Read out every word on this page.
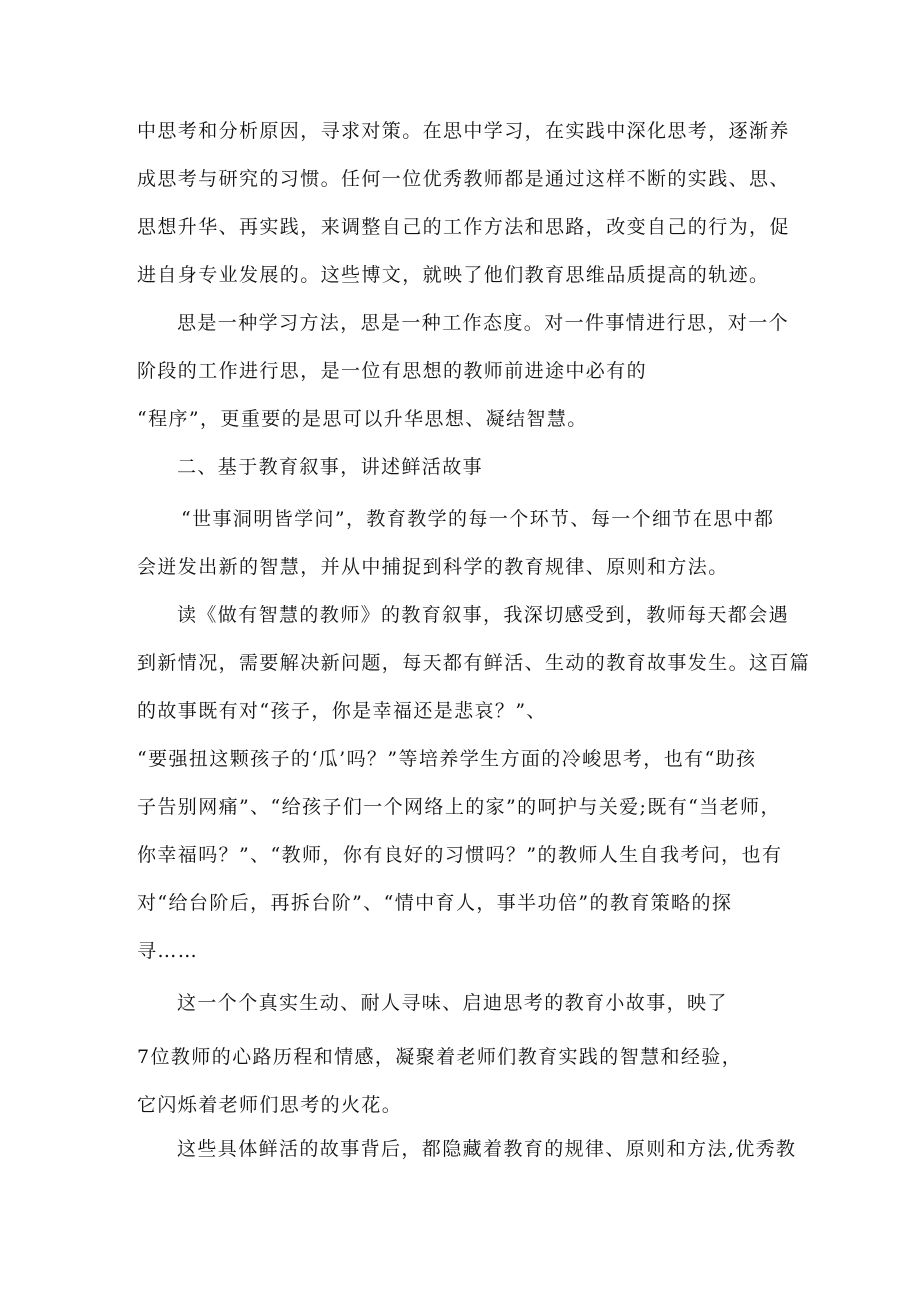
中思考和分析原因，寻求对策。在思中学习，在实践中深化思考，逐渐养
成思考与研究的习惯。任何一位优秀教师都是通过这样不断的实践、思、
思想升华、再实践，来调整自己的工作方法和思路，改变自己的行为，促
进自身专业发展的。这些博文，就映了他们教育思维品质提高的轨迹。
思是一种学习方法，思是一种工作态度。对一件事情进行思，对一个
阶段的工作进行思，是一位有思想的教师前进途中必有的
“程序”，更重要的是思可以升华思想、凝结智慧。
二、基于教育叙事，讲述鲜活故事
“世事洞明皆学问”，教育教学的每一个环节、每一个细节在思中都
会迸发出新的智慧，并从中捕捉到科学的教育规律、原则和方法。
读《做有智慧的教师》的教育叙事，我深切感受到，教师每天都会遇
到新情况，需要解决新问题，每天都有鲜活、生动的教育故事发生。这百篇
的故事既有对“孩子，你是幸福还是悲哀？”、
“要强扭这颗孩子的‘瓜’吗？”等培养学生方面的冷峻思考，也有“助孩
子告别网痛”、“给孩子们一个网络上的家”的呵护与关爱;既有“当老师，
你幸福吗？”、“教师，你有良好的习惯吗？”的教师人生自我考问，也有
对“给台阶后，再拆台阶”、“情中育人，事半功倍”的教育策略的探
寻……
这一个个真实生动、耐人寻味、启迪思考的教育小故事，映了
7位教师的心路历程和情感，凝聚着老师们教育实践的智慧和经验，
它闪烁着老师们思考的火花。
这些具体鲜活的故事背后，都隐藏着教育的规律、原则和方法,优秀教
